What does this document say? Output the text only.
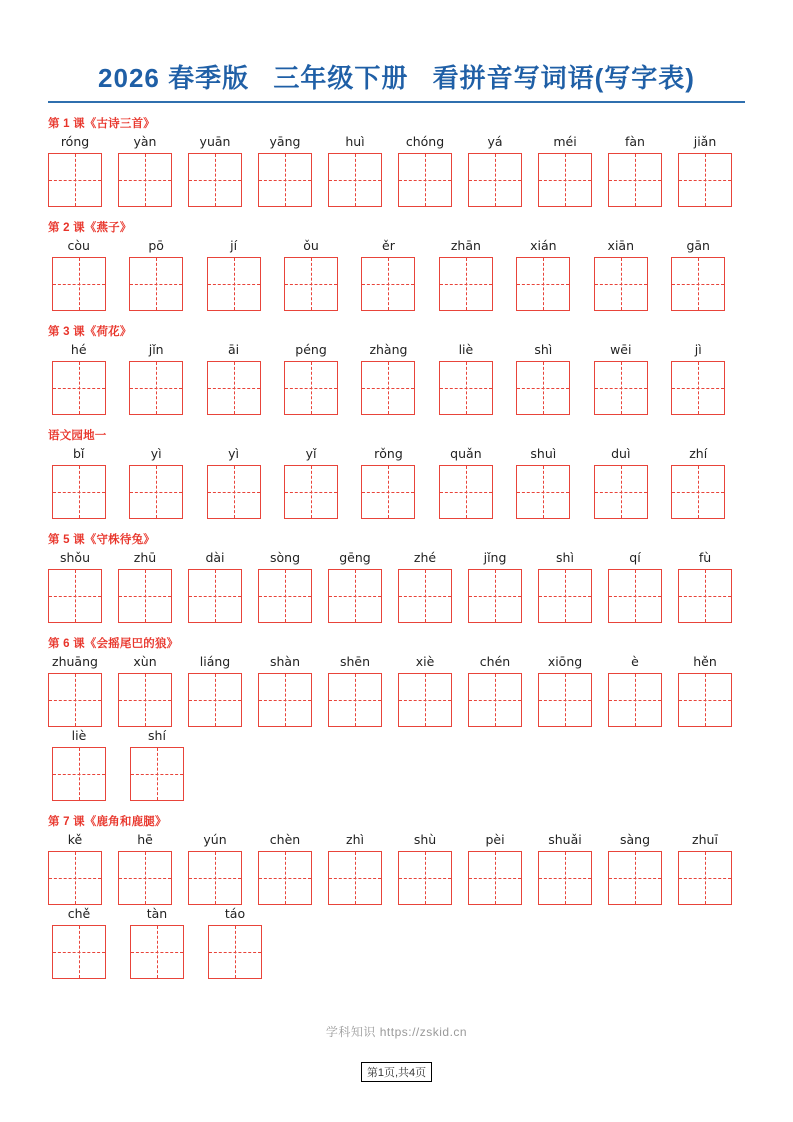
2026 春季版 三年级下册 看拼音写词语(写字表)
第 1 课《古诗三首》
róng	yàn	yuān	yāng	huì	chóng	yá	méi	fàn	jiǎn
第 2 课《燕子》
còu	pō	jí	ǒu	ěr	zhān	xián	xiān	gān
第 3 课《荷花》
hé	jǐn	āi	péng	zhàng	liè	shì	wēi	jì
语文园地一
bǐ	yì	yì	yǐ	rǒng	quǎn	shuì	duì	zhí
第 5 课《守株待兔》
shǒu	zhū	dài	sòng	gēng	zhé	jǐng	shì	qí	fù
第 6 课《会摇尾巴的狼》
zhuāng	xùn	liáng	shàn	shēn	xiè	chén	xiōng	è	hěn
liè	shí
第 7 课《鹿角和鹿腿》
kě	hē	yún	chèn	zhì	shù	pèi	shuǎi	sàng	zhuī
chě	tàn	táo
学科知识 https://zskid.cn
第1页,共4页
